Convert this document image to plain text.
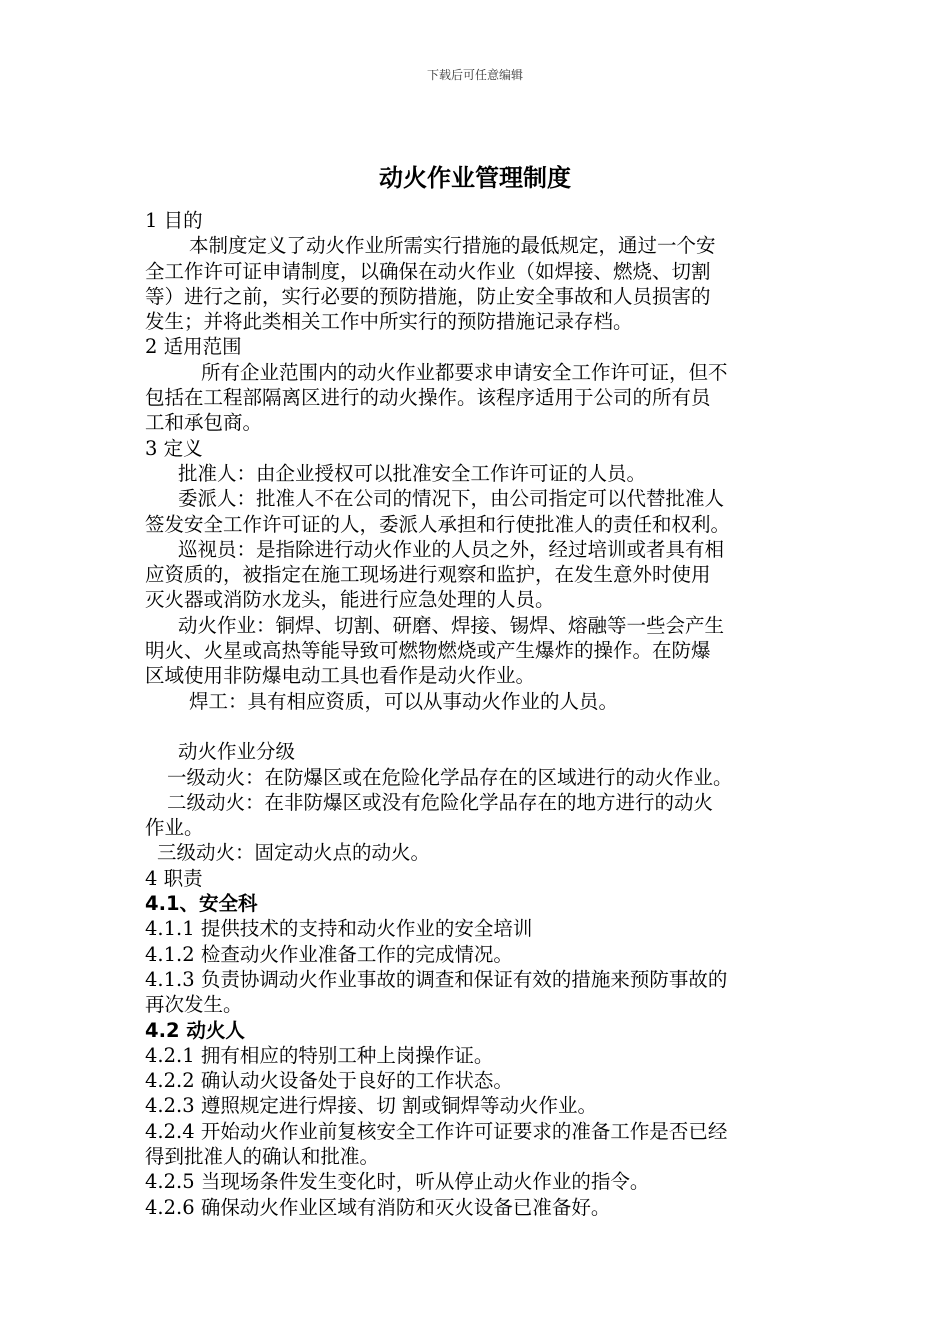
下载后可任意编辑
动火作业管理制度
1 目的
本制度定义了动火作业所需实行措施的最低规定，通过一个安
全工作许可证申请制度，以确保在动火作业（如焊接、燃烧、切割
等）进行之前，实行必要的预防措施，防止安全事故和人员损害的
发生；并将此类相关工作中所实行的预防措施记录存档。
2 适用范围
所有企业范围内的动火作业都要求申请安全工作许可证，但不
包括在工程部隔离区进行的动火操作。该程序适用于公司的所有员
工和承包商。
3 定义
批准人：由企业授权可以批准安全工作许可证的人员。
委派人：批准人不在公司的情况下，由公司指定可以代替批准人
签发安全工作许可证的人，委派人承担和行使批准人的责任和权利。
巡视员：是指除进行动火作业的人员之外，经过培训或者具有相
应资质的，被指定在施工现场进行观察和监护，在发生意外时使用
灭火器或消防水龙头，能进行应急处理的人员。
动火作业：铜焊、切割、研磨、焊接、锡焊、熔融等一些会产生
明火、火星或高热等能导致可燃物燃烧或产生爆炸的操作。在防爆
区域使用非防爆电动工具也看作是动火作业。
焊工：具有相应资质，可以从事动火作业的人员。
动火作业分级
一级动火：在防爆区或在危险化学品存在的区域进行的动火作业。
二级动火：在非防爆区或没有危险化学品存在的地方进行的动火
作业。
三级动火：固定动火点的动火。
4 职责
4.1、安全科
4.1.1 提供技术的支持和动火作业的安全培训
4.1.2 检查动火作业准备工作的完成情况。
4.1.3 负责协调动火作业事故的调查和保证有效的措施来预防事故的
再次发生。
4.2 动火人
4.2.1 拥有相应的特别工种上岗操作证。
4.2.2 确认动火设备处于良好的工作状态。
4.2.3 遵照规定进行焊接、切 割或铜焊等动火作业。
4.2.4 开始动火作业前复核安全工作许可证要求的准备工作是否已经
得到批准人的确认和批准。
4.2.5 当现场条件发生变化时，听从停止动火作业的指令。
4.2.6 确保动火作业区域有消防和灭火设备已准备好。
